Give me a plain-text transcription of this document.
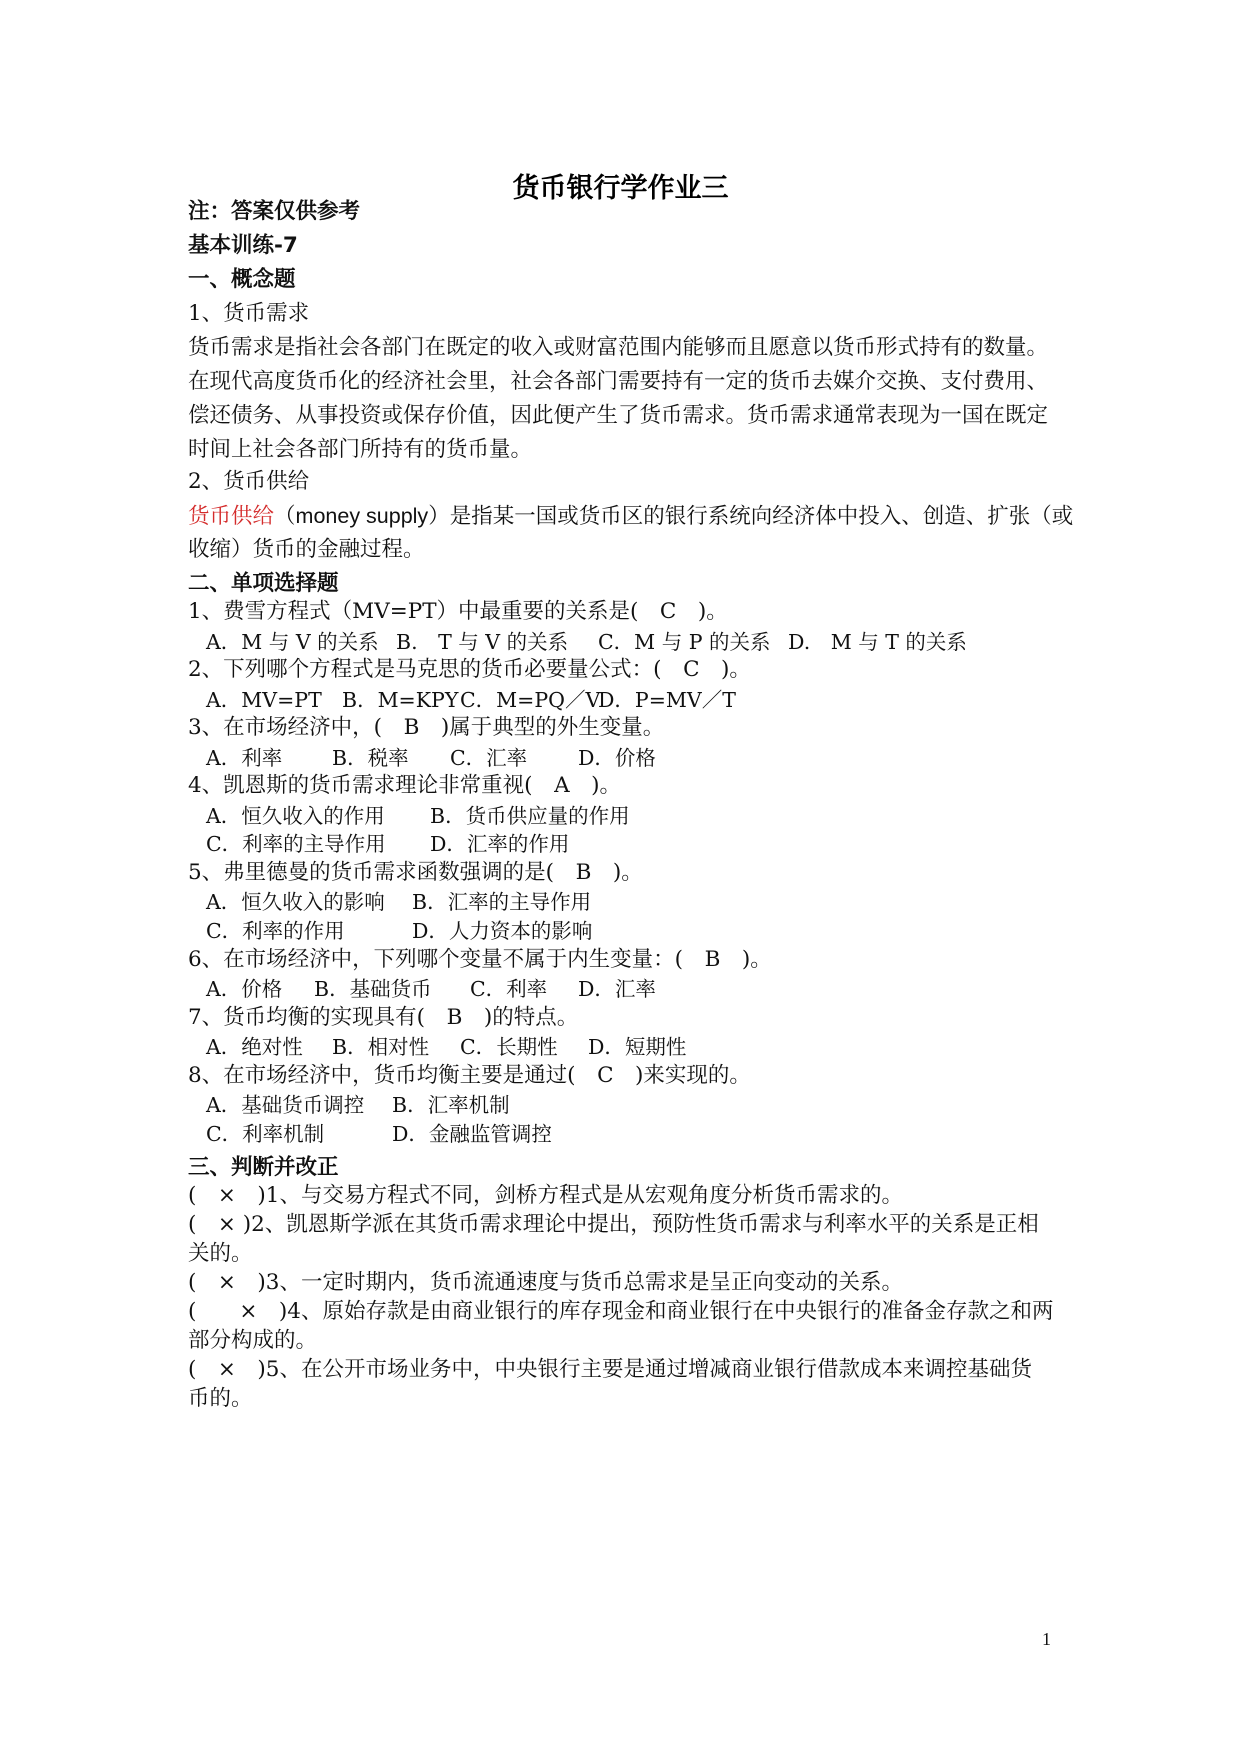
货币银行学作业三
注：答案仅供参考
基本训练-7
一、概念题
1、货币需求
货币需求是指社会各部门在既定的收入或财富范围内能够而且愿意以货币形式持有的数量。
在现代高度货币化的经济社会里，社会各部门需要持有一定的货币去媒介交换、支付费用、
偿还债务、从事投资或保存价值，因此便产生了货币需求。货币需求通常表现为一国在既定
时间上社会各部门所持有的货币量。
2、货币供给
货币供给（money supply）是指某一国或货币区的银行系统向经济体中投入、创造、扩张（或
收缩）货币的金融过程。
二、单项选择题
1、费雪方程式（MV=PT）中最重要的关系是(　C　)。
A．M 与 V 的关系 B.　T 与 V 的关系 C．M 与 P 的关系 D.　M 与 T 的关系
2、下列哪个方程式是马克思的货币必要量公式：(　C　)。
A．MV=PT B．M=KPY C．M=PQ／V
D．P=MV／T
3、在市场经济中，(　B　)属于典型的外生变量。
A．利率 B．税率 C．汇率 D．价格
4、凯恩斯的货币需求理论非常重视(　A　)。
A．恒久收入的作用 B．货币供应量的作用
C．利率的主导作用 D．汇率的作用
5、弗里德曼的货币需求函数强调的是(　B　)。
A．恒久收入的影响 B．汇率的主导作用
C．利率的作用	D．人力资本的影响
6、在市场经济中，下列哪个变量不属于内生变量：(　B　)。
A．价格 B．基础货币 C．利率 D．汇率
7、货币均衡的实现具有(　B　)的特点。
A．绝对性 B．相对性 C．长期性 D．短期性
8、在市场经济中，货币均衡主要是通过(　C　)来实现的。
A．基础货币调控 B．汇率机制
C．利率机制	D．金融监管调控
三、判断并改正
(　×　)1、与交易方程式不同，剑桥方程式是从宏观角度分析货币需求的。
(　× )2、凯恩斯学派在其货币需求理论中提出，预防性货币需求与利率水平的关系是正相
关的。
(　×　)3、一定时期内，货币流通速度与货币总需求是呈正向变动的关系。
(　　×　)4、原始存款是由商业银行的库存现金和商业银行在中央银行的准备金存款之和两
部分构成的。
(　×　)5、在公开市场业务中，中央银行主要是通过增减商业银行借款成本来调控基础货
币的。
1
